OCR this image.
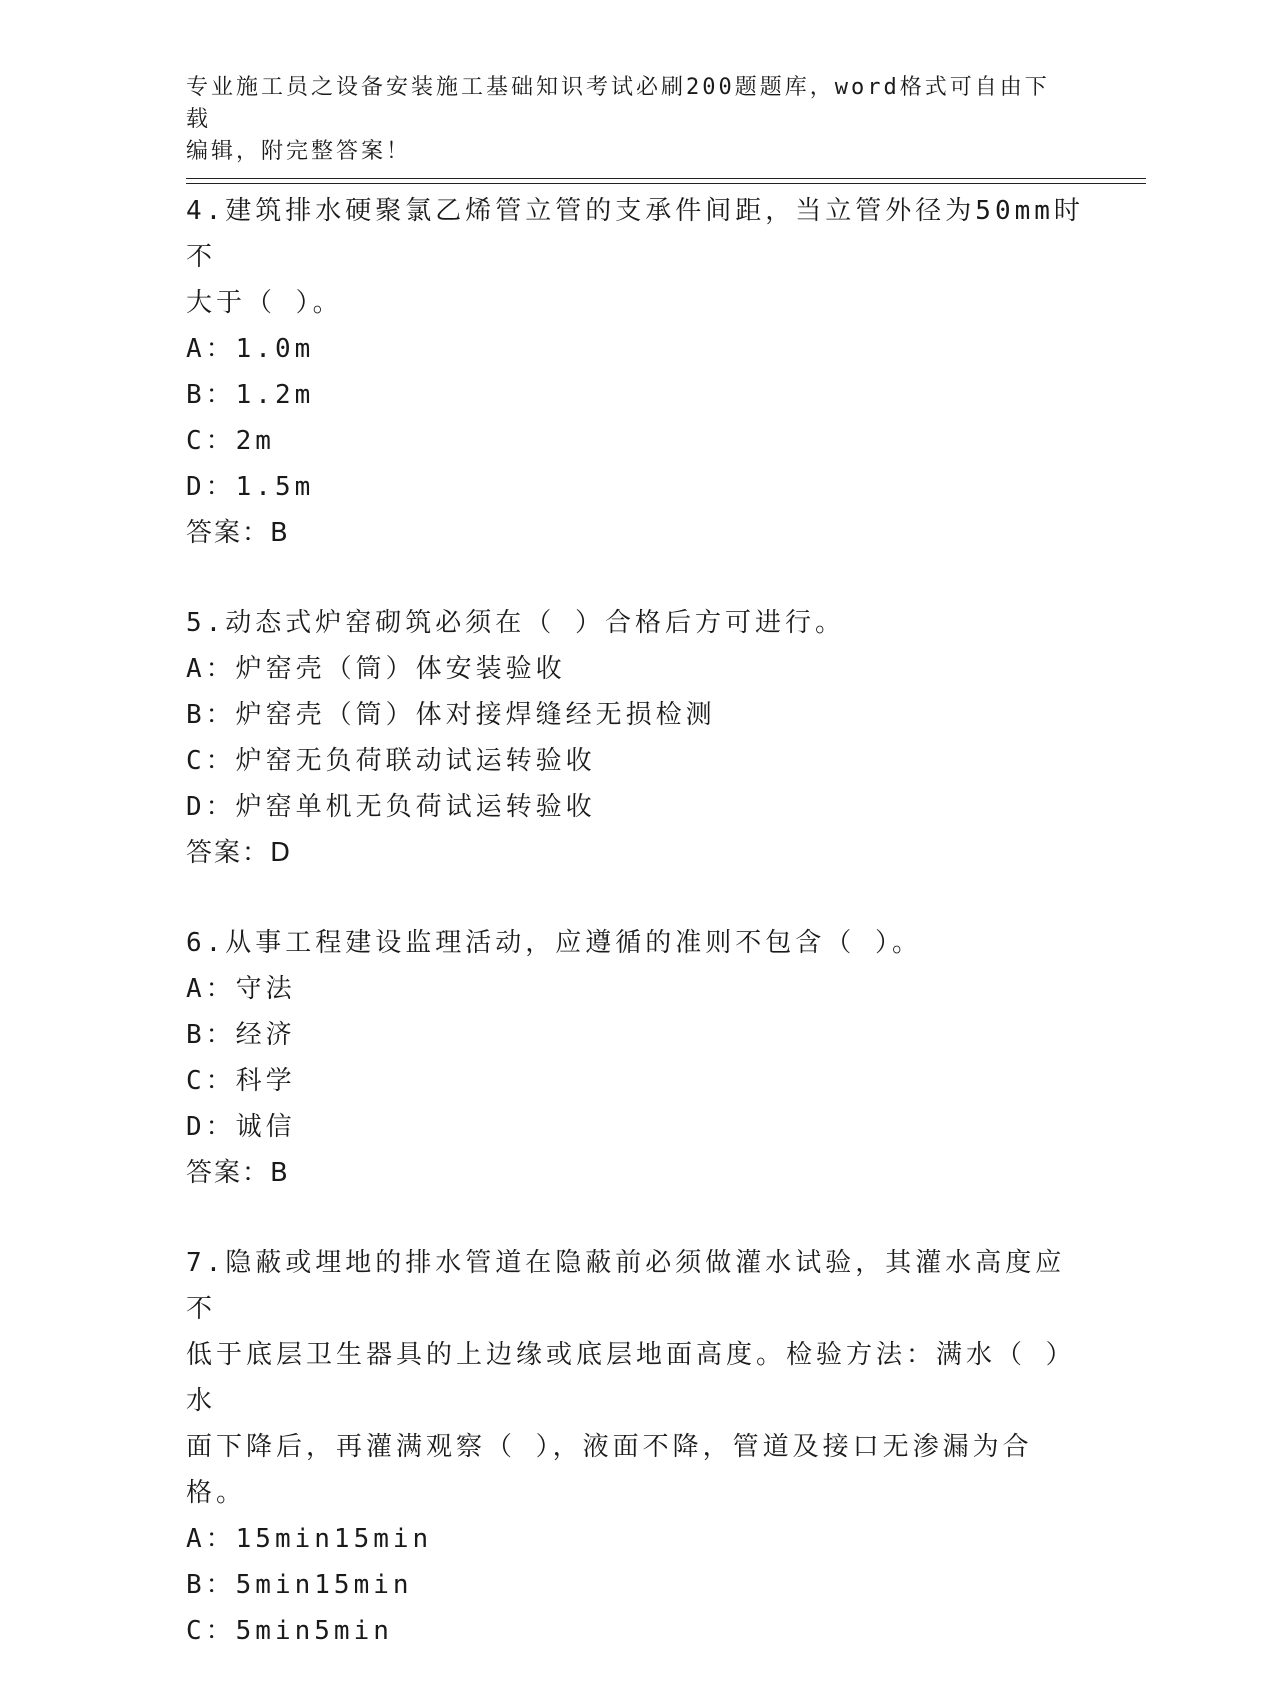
专业施工员之设备安装施工基础知识考试必刷200题题库，word格式可自由下载
编辑，附完整答案！
4.建筑排水硬聚氯乙烯管立管的支承件间距，当立管外径为50mm时不
大于（ ）。
A：1.0m
B：1.2m
C：2m
D：1.5m
答案：B
5.动态式炉窑砌筑必须在（ ）合格后方可进行。
A：炉窑壳（筒）体安装验收
B：炉窑壳（筒）体对接焊缝经无损检测
C：炉窑无负荷联动试运转验收
D：炉窑单机无负荷试运转验收
答案：D
6.从事工程建设监理活动，应遵循的准则不包含（ ）。
A：守法
B：经济
C：科学
D：诚信
答案：B
7.隐蔽或埋地的排水管道在隐蔽前必须做灌水试验，其灌水高度应不
低于底层卫生器具的上边缘或底层地面高度。检验方法：满水（ ）水
面下降后，再灌满观察（ ），液面不降，管道及接口无渗漏为合格。
A：15min15min
B：5min15min
C：5min5min
